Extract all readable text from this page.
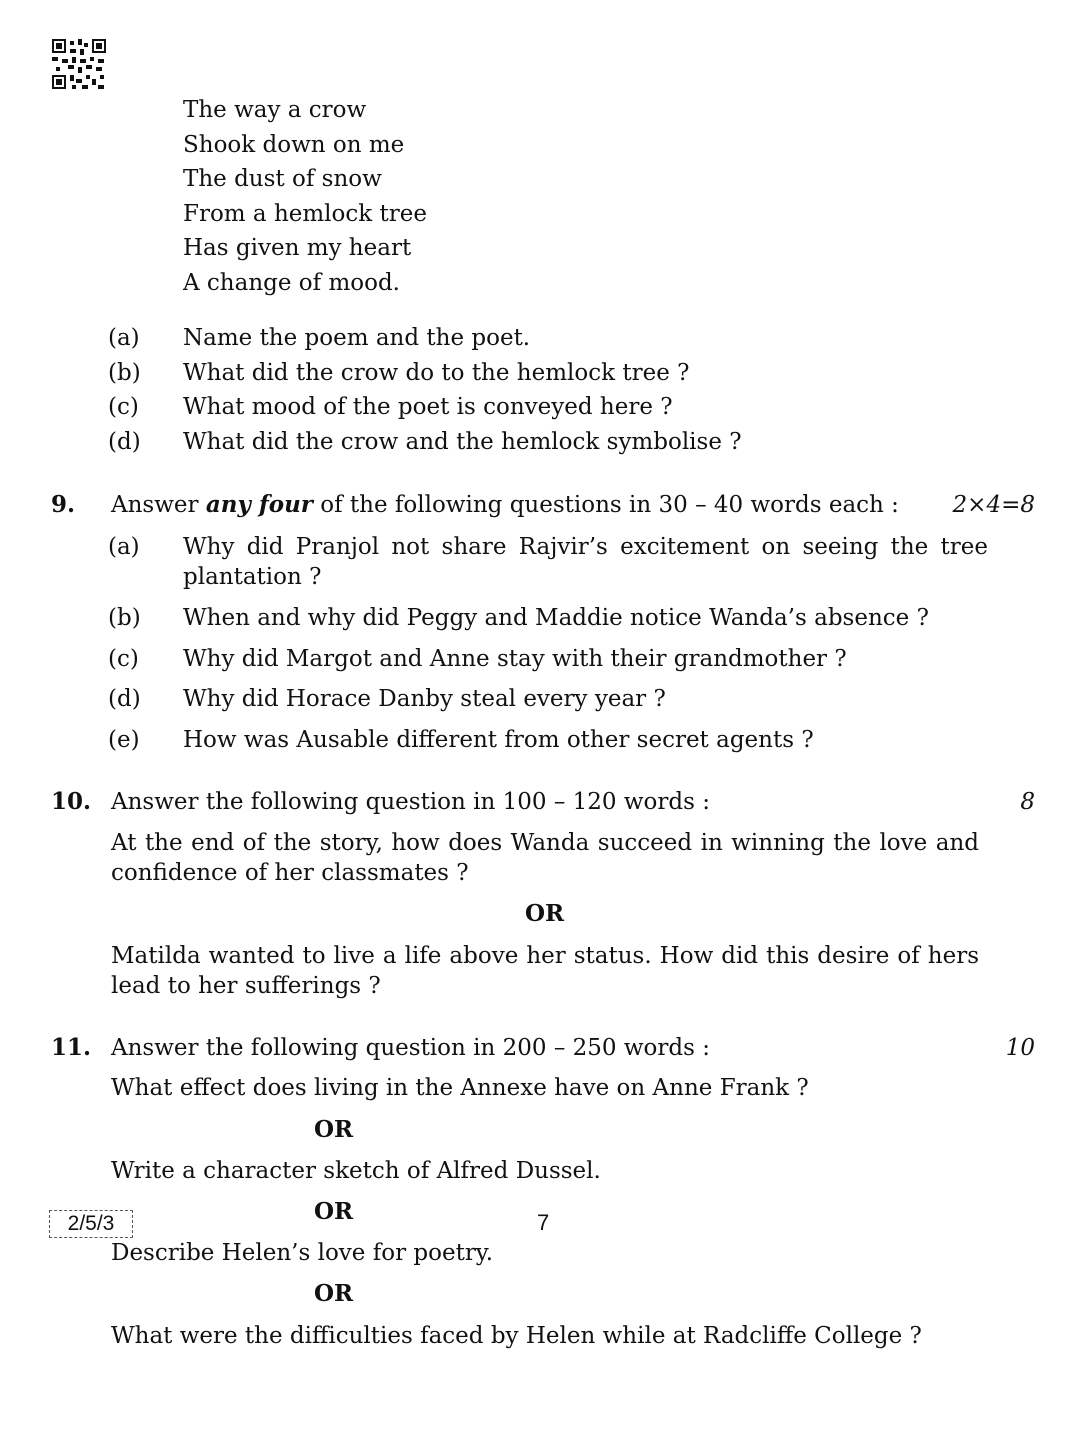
The way a crow
Shook down on me
The dust of snow
From a hemlock tree
Has given my heart
A change of mood.
(a) Name the poem and the poet.
(b) What did the crow do to the hemlock tree ?
(c) What mood of the poet is conveyed here ?
(d) What did the crow and the hemlock symbolise ?
9. Answer any four of the following questions in 30 – 40 words each : 2×4=8
(a) Why did Pranjol not share Rajvir’s excitement on seeing the tree plantation ?
(b) When and why did Peggy and Maddie notice Wanda’s absence ?
(c) Why did Margot and Anne stay with their grandmother ?
(d) Why did Horace Danby steal every year ?
(e) How was Ausable different from other secret agents ?
10. Answer the following question in 100 – 120 words :	8
At the end of the story, how does Wanda succeed in winning the love and confidence of her classmates ?
OR
Matilda wanted to live a life above her status. How did this desire of hers lead to her sufferings ?
11. Answer the following question in 200 – 250 words :	10
What effect does living in the Annexe have on Anne Frank ?
OR
Write a character sketch of Alfred Dussel.
OR
Describe Helen’s love for poetry.
OR
What were the difficulties faced by Helen while at Radcliffe College ?
2/5/3	7
